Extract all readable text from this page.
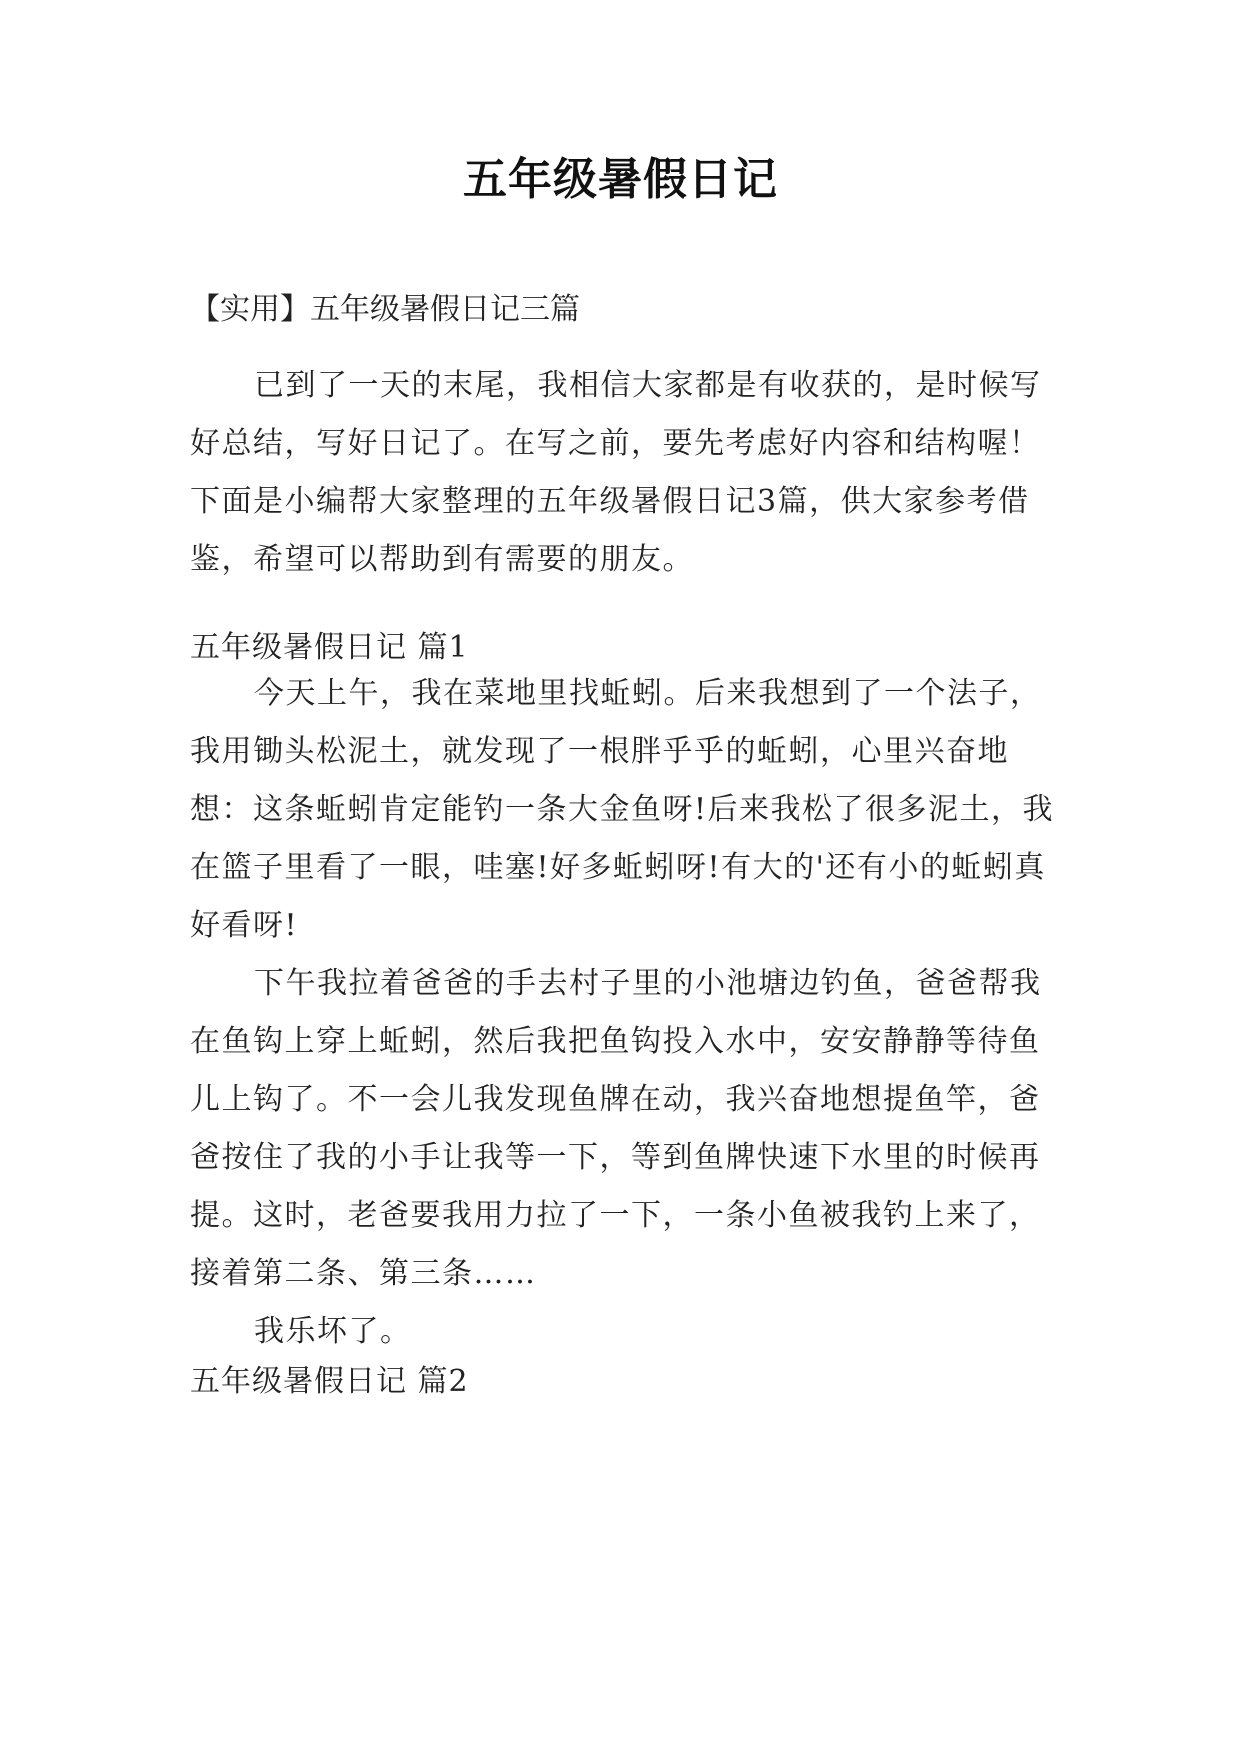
五年级暑假日记

【实用】五年级暑假日记三篇

已到了一天的末尾，我相信大家都是有收获的，是时候写好总结，写好日记了。在写之前，要先考虑好内容和结构喔！下面是小编帮大家整理的五年级暑假日记3篇，供大家参考借鉴，希望可以帮助到有需要的朋友。

五年级暑假日记 篇1

今天上午，我在菜地里找蚯蚓。后来我想到了一个法子，我用锄头松泥土，就发现了一根胖乎乎的蚯蚓，心里兴奋地想：这条蚯蚓肯定能钓一条大金鱼呀!后来我松了很多泥土，我在篮子里看了一眼，哇塞!好多蚯蚓呀!有大的'还有小的蚯蚓真好看呀!

下午我拉着爸爸的手去村子里的小池塘边钓鱼，爸爸帮我在鱼钩上穿上蚯蚓，然后我把鱼钩投入水中，安安静静等待鱼儿上钩了。不一会儿我发现鱼牌在动，我兴奋地想提鱼竿，爸爸按住了我的小手让我等一下，等到鱼牌快速下水里的时候再提。这时，老爸要我用力拉了一下，一条小鱼被我钓上来了，接着第二条、第三条……

我乐坏了。

五年级暑假日记 篇2
